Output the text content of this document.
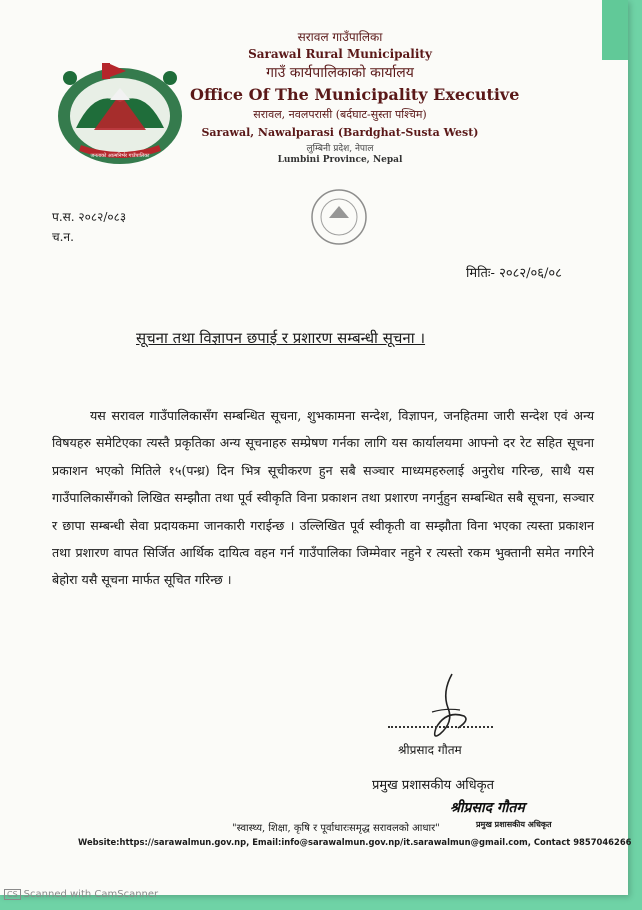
जनताको आत्मनिर्भर गाउँपालिका
सरावल गाउँपालिका
Sarawal Rural Municipality
गाउँ कार्यपालिकाको कार्यालय
Office Of The Municipality Executive
सरावल, नवलपरासी (बर्दघाट-सुस्ता पश्चिम)
Sarawal, Nawalparasi (Bardghat-Susta West)
लुम्बिनी प्रदेश, नेपाल
Lumbini Province, Nepal
प.स. २०८२/०८३
च.न.
मितिः- २०८२/०६/०८
सूचना तथा विज्ञापन छपाई र प्रशारण सम्बन्धी सूचना ।
यस सरावल गाउँपालिकासँग सम्बन्धित सूचना, शुभकामना सन्देश, विज्ञापन, जनहितमा जारी सन्देश एवं अन्य विषयहरु समेटिएका त्यस्तै प्रकृतिका अन्य सूचनाहरु सम्प्रेषण गर्नका लागि यस कार्यालयमा आफ्नो दर रेट सहित सूचना प्रकाशन भएको मितिले १५(पन्ध्र) दिन भित्र सूचीकरण हुन सबै सञ्चार माध्यमहरुलाई अनुरोध गरिन्छ, साथै यस गाउँपालिकासँगको लिखित सम्झौता तथा पूर्व स्वीकृति विना प्रकाशन तथा प्रशारण नगर्नुहुन सम्बन्धित सबै सूचना, सञ्चार र छापा सम्बन्धी सेवा प्रदायकमा जानकारी गराईन्छ । उल्लिखित पूर्व स्वीकृती वा सम्झौता विना भएका त्यस्ता प्रकाशन तथा प्रशारण वापत सिर्जित आर्थिक दायित्व वहन गर्न गाउँपालिका जिम्मेवार नहुने र त्यस्तो रकम भुक्तानी समेत नगरिने बेहोरा यसै सूचना मार्फत सूचित गरिन्छ ।
श्रीप्रसाद गौतम
प्रमुख प्रशासकीय अधिकृत
श्रीप्रसाद गौतम
"स्वास्थ्य, शिक्षा, कृषि र पूर्वाधारःसमृद्ध सरावलको आधार"	प्रमुख प्रशासकीय अधिकृत
Website:https://sarawalmun.gov.np, Email:info@sarawalmun.gov.np/it.sarawalmun@gmail.com, Contact 9857046266
CS Scanned with CamScanner
